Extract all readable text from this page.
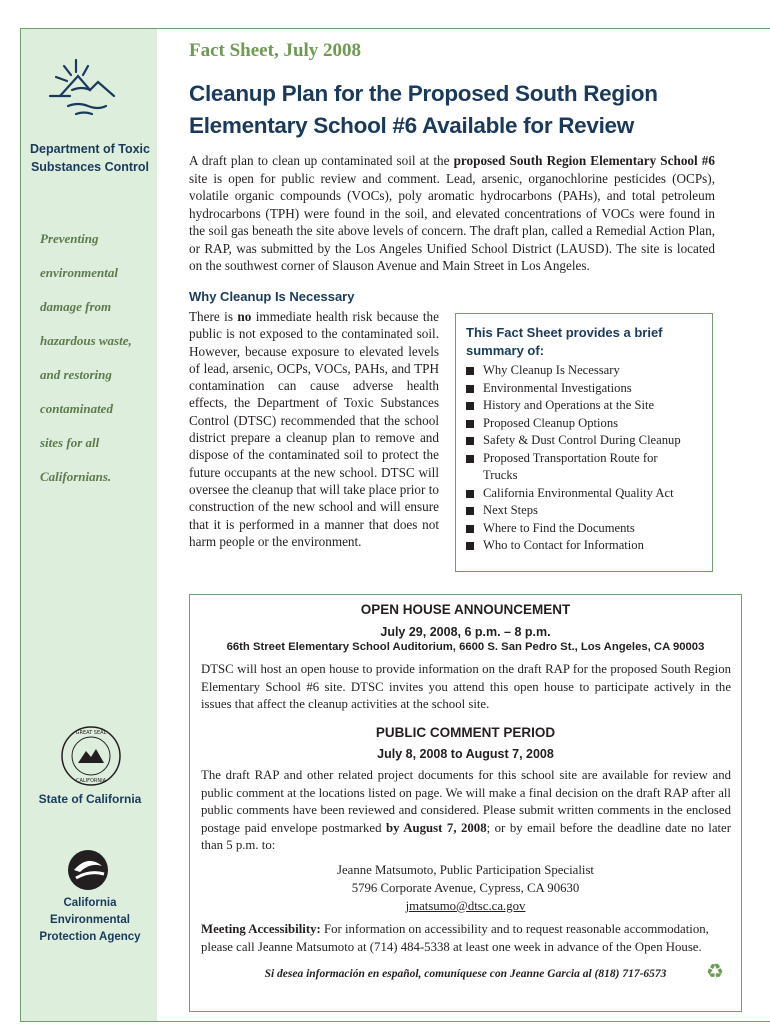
Department of Toxic Substances Control
Preventing
environmental
damage from
hazardous waste,
and restoring
contaminated
sites for all
Californians.
GREAT SEAL
CALIFORNIA
State of California
California Environmental Protection Agency
Fact Sheet, July 2008
Cleanup Plan for the Proposed South Region Elementary School #6 Available for Review
A draft plan to clean up contaminated soil at the proposed South Region Elementary School #6 site is open for public review and comment. Lead, arsenic, organochlorine pesticides (OCPs), volatile organic compounds (VOCs), poly aromatic hydrocarbons (PAHs), and total petroleum hydrocarbons (TPH) were found in the soil, and elevated concentrations of VOCs were found in the soil gas beneath the site above levels of concern. The draft plan, called a Remedial Action Plan, or RAP, was submitted by the Los Angeles Unified School District (LAUSD). The site is located on the southwest corner of Slauson Avenue and Main Street in Los Angeles.
Why Cleanup Is Necessary
There is no immediate health risk because the public is not exposed to the contaminated soil. However, because exposure to elevated levels of lead, arsenic, OCPs, VOCs, PAHs, and TPH contamination can cause adverse health effects, the Department of Toxic Substances Control (DTSC) recommended that the school district prepare a cleanup plan to remove and dispose of the contaminated soil to protect the future occupants at the new school. DTSC will oversee the cleanup that will take place prior to construction of the new school and will ensure that it is performed in a manner that does not harm people or the environment.
This Fact Sheet provides a brief summary of:
Why Cleanup Is Necessary
Environmental Investigations
History and Operations at the Site
Proposed Cleanup Options
Safety & Dust Control During Cleanup
Proposed Transportation Route for Trucks
California Environmental Quality Act
Next Steps
Where to Find the Documents
Who to Contact for Information
OPEN HOUSE ANNOUNCEMENT
July 29, 2008, 6 p.m. – 8 p.m.
66th Street Elementary School Auditorium, 6600 S. San Pedro St., Los Angeles, CA 90003
DTSC will host an open house to provide information on the draft RAP for the proposed South Region Elementary School #6 site. DTSC invites you attend this open house to participate actively in the issues that affect the cleanup activities at the school site.
PUBLIC COMMENT PERIOD
July 8, 2008 to August 7, 2008
The draft RAP and other related project documents for this school site are available for review and public comment at the locations listed on page. We will make a final decision on the draft RAP after all public comments have been reviewed and considered. Please submit written comments in the enclosed postage paid envelope postmarked by August 7, 2008; or by email before the deadline date no later than 5 p.m. to:
Jeanne Matsumoto, Public Participation Specialist
5796 Corporate Avenue, Cypress, CA 90630
jmatsumo@dtsc.ca.gov
Meeting Accessibility: For information on accessibility and to request reasonable accommodation, please call Jeanne Matsumoto at (714) 484-5338 at least one week in advance of the Open House.
Si desea información en español, comuníquese con Jeanne Garcia al (818) 717-6573	♻
